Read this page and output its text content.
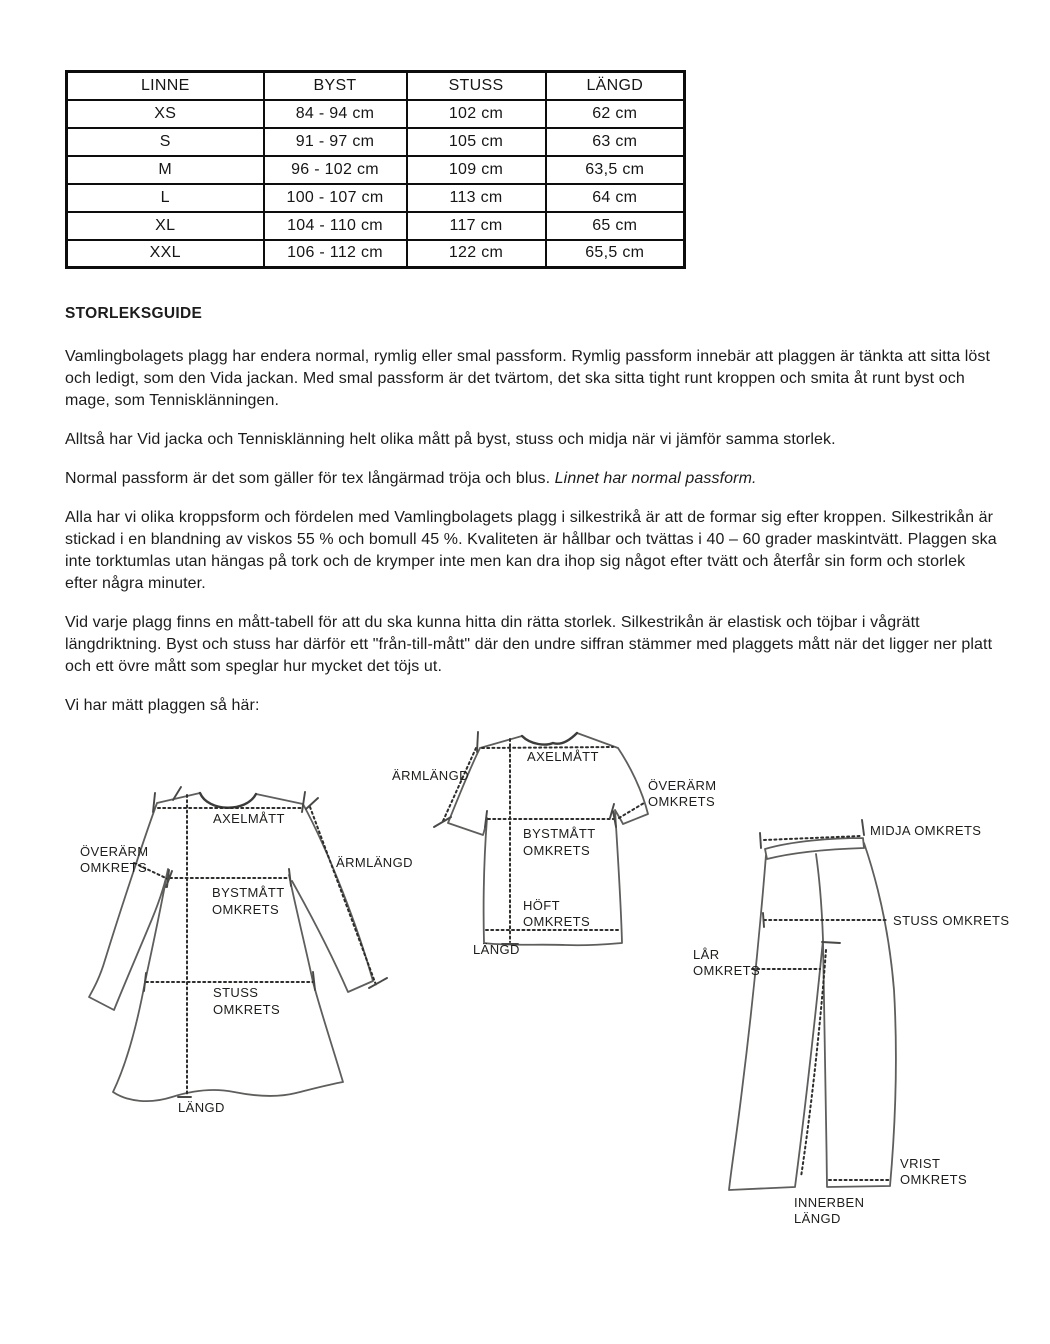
LINNE	BYST	STUSS	LÄNGD
XS	84 - 94 cm	102 cm	62 cm
S	91 - 97 cm	105 cm	63 cm
M	96 - 102 cm	109 cm	63,5 cm
L	100 - 107 cm	113 cm	64 cm
XL	104 - 110 cm	117 cm	65 cm
XXL	106 - 112 cm	122 cm	65,5 cm
STORLEKSGUIDE

Vamlingbolagets plagg har endera normal, rymlig eller smal passform. Rymlig passform innebär att plaggen är tänkta att sitta löst och ledigt, som den Vida jackan. Med smal passform är det tvärtom, det ska sitta tight runt kroppen och smita åt runt byst och mage, som Tennisklänningen.

Alltså har Vid jacka och Tennisklänning helt olika mått på byst, stuss och midja när vi jämför samma storlek.

Normal passform är det som gäller för tex långärmad tröja och blus. Linnet har normal passform.

Alla har vi olika kroppsform och fördelen med Vamlingbolagets plagg i silkestrikå är att de formar sig efter kroppen. Silkestrikån är stickad i en blandning av viskos 55 % och bomull 45 %. Kvaliteten är hållbar och tvättas i 40 – 60 grader maskintvätt. Plaggen ska inte torktumlas utan hängas på tork och de krymper inte men kan dra ihop sig något efter tvätt och återfår sin form och storlek efter några minuter.

Vid varje plagg finns en mått-tabell för att du ska kunna hitta din rätta storlek. Silkestrikån är elastisk och töjbar i vågrätt längdriktning. Byst och stuss har därför ett "från-till-mått" där den undre siffran stämmer med plaggets mått när det ligger ner platt och ett övre mått som speglar hur mycket det töjs ut.

Vi har mätt plaggen så här:

AXELMÅTT
ÖVERÄRM
OMKRETS	ÄRMLÄNGD
BYSTMÅTT
OMKRETS
STUSS
OMKRETS
LÄNGD
ÄRMLÄNGD
AXELMÅTT
ÖVERÄRM
OMKRETS
BYSTMÅTT
OMKRETS
HÖFT
OMKRETS
LÄNGD
MIDJA OMKRETS
STUSS OMKRETS
LÅR
OMKRETS
VRIST
OMKRETS
INNERBEN
LÄNGD
